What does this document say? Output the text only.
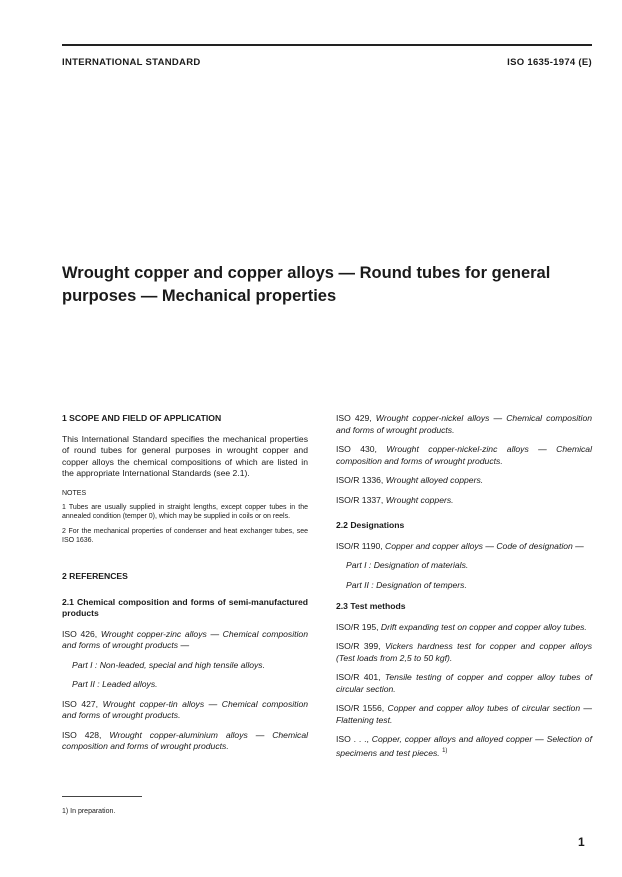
INTERNATIONAL STANDARD	ISO 1635-1974 (E)
Wrought copper and copper alloys — Round tubes for general
purposes — Mechanical properties
1 SCOPE AND FIELD OF APPLICATION

This International Standard specifies the mechanical properties of round tubes for general purposes in wrought copper and copper alloys the chemical compositions of which are listed in the appropriate International Standards (see 2.1).

NOTES
1 Tubes are usually supplied in straight lengths, except copper tubes in the annealed condition (temper 0), which may be supplied in coils or on reels.
2 For the mechanical properties of condenser and heat exchanger tubes, see ISO 1636.
2 REFERENCES
2.1 Chemical composition and forms of semi-manufactured products

ISO 426, Wrought copper-zinc alloys — Chemical composition and forms of wrought products —

Part I : Non-leaded, special and high tensile alloys.

Part II : Leaded alloys.

ISO 427, Wrought copper-tin alloys — Chemical composition and forms of wrought products.

ISO 428, Wrought copper-aluminium alloys — Chemical composition and forms of wrought products.

ISO 429, Wrought copper-nickel alloys — Chemical composition and forms of wrought products.

ISO 430, Wrought copper-nickel-zinc alloys — Chemical composition and forms of wrought products.

ISO/R 1336, Wrought alloyed coppers.

ISO/R 1337, Wrought coppers.

2.2 Designations

ISO/R 1190, Copper and copper alloys — Code of designation —

Part I : Designation of materials.

Part II : Designation of tempers.

2.3 Test methods

ISO/R 195, Drift expanding test on copper and copper alloy tubes.

ISO/R 399, Vickers hardness test for copper and copper alloys (Test loads from 2,5 to 50 kgf).

ISO/R 401, Tensile testing of copper and copper alloy tubes of circular section.

ISO/R 1556, Copper and copper alloy tubes of circular section — Flattening test.

ISO . . ., Copper, copper alloys and alloyed copper — Selection of specimens and test pieces. $^{1)}$

1) In preparation.
1
